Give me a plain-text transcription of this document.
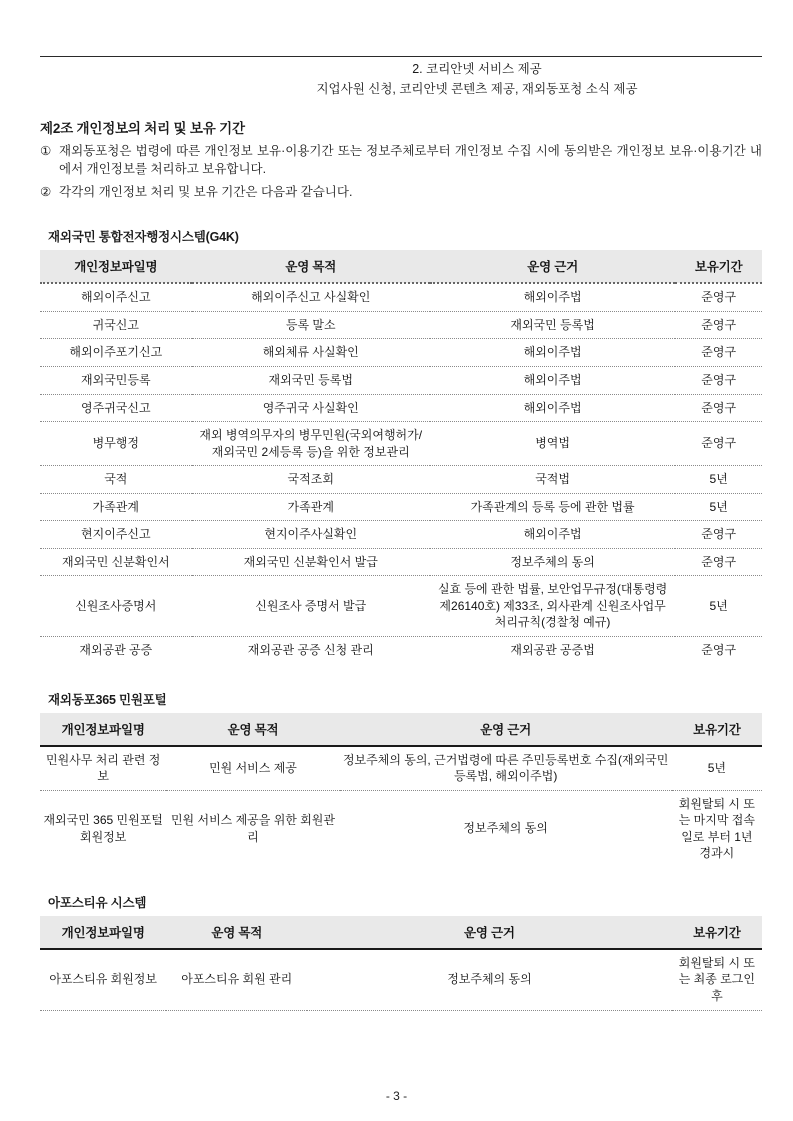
2. 코리안넷 서비스 제공
지업사원 신청, 코리안넷 콘텐츠 제공, 재외동포청 소식 제공
제2조 개인정보의 처리 및 보유 기간
① 재외동포청은 법령에 따른 개인정보 보유·이용기간 또는 정보주체로부터 개인정보 수집 시에 동의받은 개인정보 보유·이용기간 내에서 개인정보를 처리하고 보유합니다.
② 각각의 개인정보 처리 및 보유 기간은 다음과 같습니다.
재외국민 통합전자행정시스템(G4K)
개인정보파일명	운영 목적	운영 근거	보유기간
해외이주신고	해외이주신고 사실확인	해외이주법	준영구
귀국신고	등록 말소	재외국민 등록법	준영구
해외이주포기신고	해외체류 사실확인	해외이주법	준영구
재외국민등록	재외국민 등록법	해외이주법	준영구
영주귀국신고	영주귀국 사실확인	해외이주법	준영구
병무행정	재외 병역의무자의 병무민원(국외여행허가/ 재외국민 2세등록 등)을 위한 정보관리	병역법	준영구
국적	국적조회	국적법	5년
가족관계	가족관계	가족관계의 등록 등에 관한 법률	5년
현지이주신고	현지이주사실확인	해외이주법	준영구
재외국민 신분확인서	재외국민 신분확인서 발급	정보주체의 동의	준영구
신원조사증명서	신원조사 증명서 발급	실효 등에 관한 법률, 보안업무규정(대통령령 제26140호) 제33조, 외사관계 신원조사업무 처리규칙(경찰청 예규)	5년
재외공관 공증	재외공관 공증 신청 관리	재외공관 공증법	준영구
재외동포365 민원포털
개인정보파일명	운영 목적	운영 근거	보유기간
민원사무 처리 관련 정보	민원 서비스 제공	정보주체의 동의, 근거법령에 따른 주민등록번호 수집(재외국민 등록법, 해외이주법)	5년
재외국민 365 민원포털 회원정보	민원 서비스 제공을 위한 회원관리	정보주체의 동의	회원탈퇴 시 또는 마지막 접속일로 부터 1년 경과시
아포스티유 시스템
개인정보파일명	운영 목적	운영 근거	보유기간
아포스티유 회원정보	아포스티유 회원 관리	정보주체의 동의	회원탈퇴 시 또는 최종 로그인 후
- 3 -
